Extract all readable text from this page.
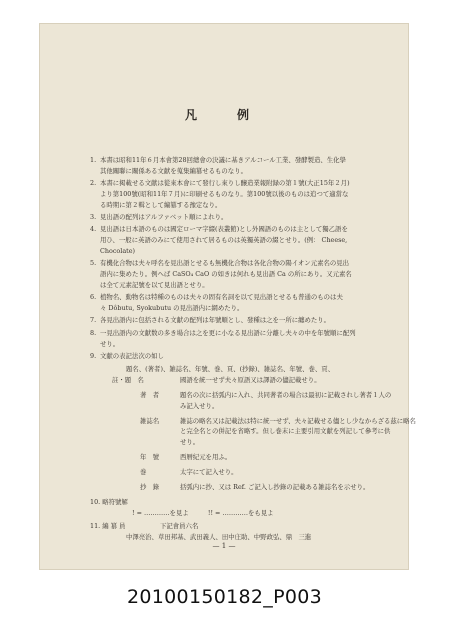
凡　例
1. 本書は昭和11年６月本會第28回總會の決議に基きアルコール工業、發酵製造、生化學
其他關聯に關係ある文献を蒐集編纂せるものなり。
2. 本書に掲載せる文献は從來本會にて發行し來りし醸造業報附録の第１號(大正15年２月)
より第100號(昭和11年７月)に印刷せるものなり。第100號以後のものは追つて適當な
る時期に第２輯として編纂する豫定なり。
3. 見出語の配列はアルファベット順によれり。
4. 見出語は日本語のものは國定ローマ字綴(表叢館)とし外國語のものは主として獨乙語を
用ひ、一般に英語のみにて使用されて居るものは英獨英語の綴とせり。(例： Cheese,
Chocolate)
5. 有機化合物は夫々呼名を見出語とせるも無機化合物は各化合物の陽イオン元素名の見出
語内に集めたり。例へば CaSO₄ CaO の如きは何れも見出語 Ca の所にあり。又元素名
は全て元素記號を以て見出語とせり。
6. 植物名、動物名は特種のものは夫々の固有名詞を以て見出語とせるも普通のものは夫
々 Dôbutu, Syokubutu の見出語内に網めたり。
7. 各見出語内に包括される文献の配列は年號順とし、發種は之を一所に纏めたり。
8. 一見出語内の文献数の多き場合は之を更に小なる見出語に分離し夫々の中を年號順に配列
せり。
9. 文献の表記法次の如し
題名、(著者)、雑誌名、年號、巻、頁、(抄錄)、雑誌名、年號、巻、頁、
註・題　名	國語を統一せず夫々原語又は譯語の儘記載せり。
著　者	題名の次に括弧内に入れ、共同著者の場合は最初に記載されし著者１人の
み記入せり。
雑誌名	雑誌の略名又は記載法は特に統一せず、夫々記載せる儘とし少なからざる茲に略名
と完全名との併記を省略す。但し巻末に主要引用文献を列記して參考に供
せり。
年　號	西暦紀元を用ふ。
巻	太字にて記入せり。
抄　錄	括弧内に抄、又は Ref. ご記入し抄錄の記載ある雑誌名を示せり。
10. 略符號解
! = …………を見よ　　　!! = …………をも見よ
11. 編 纂 員	下記會員六名
中澤亮治、草田邦基、武田義人、田中庄助、中野政弘、鼎　三進
— 1 —
20100150182_P003
